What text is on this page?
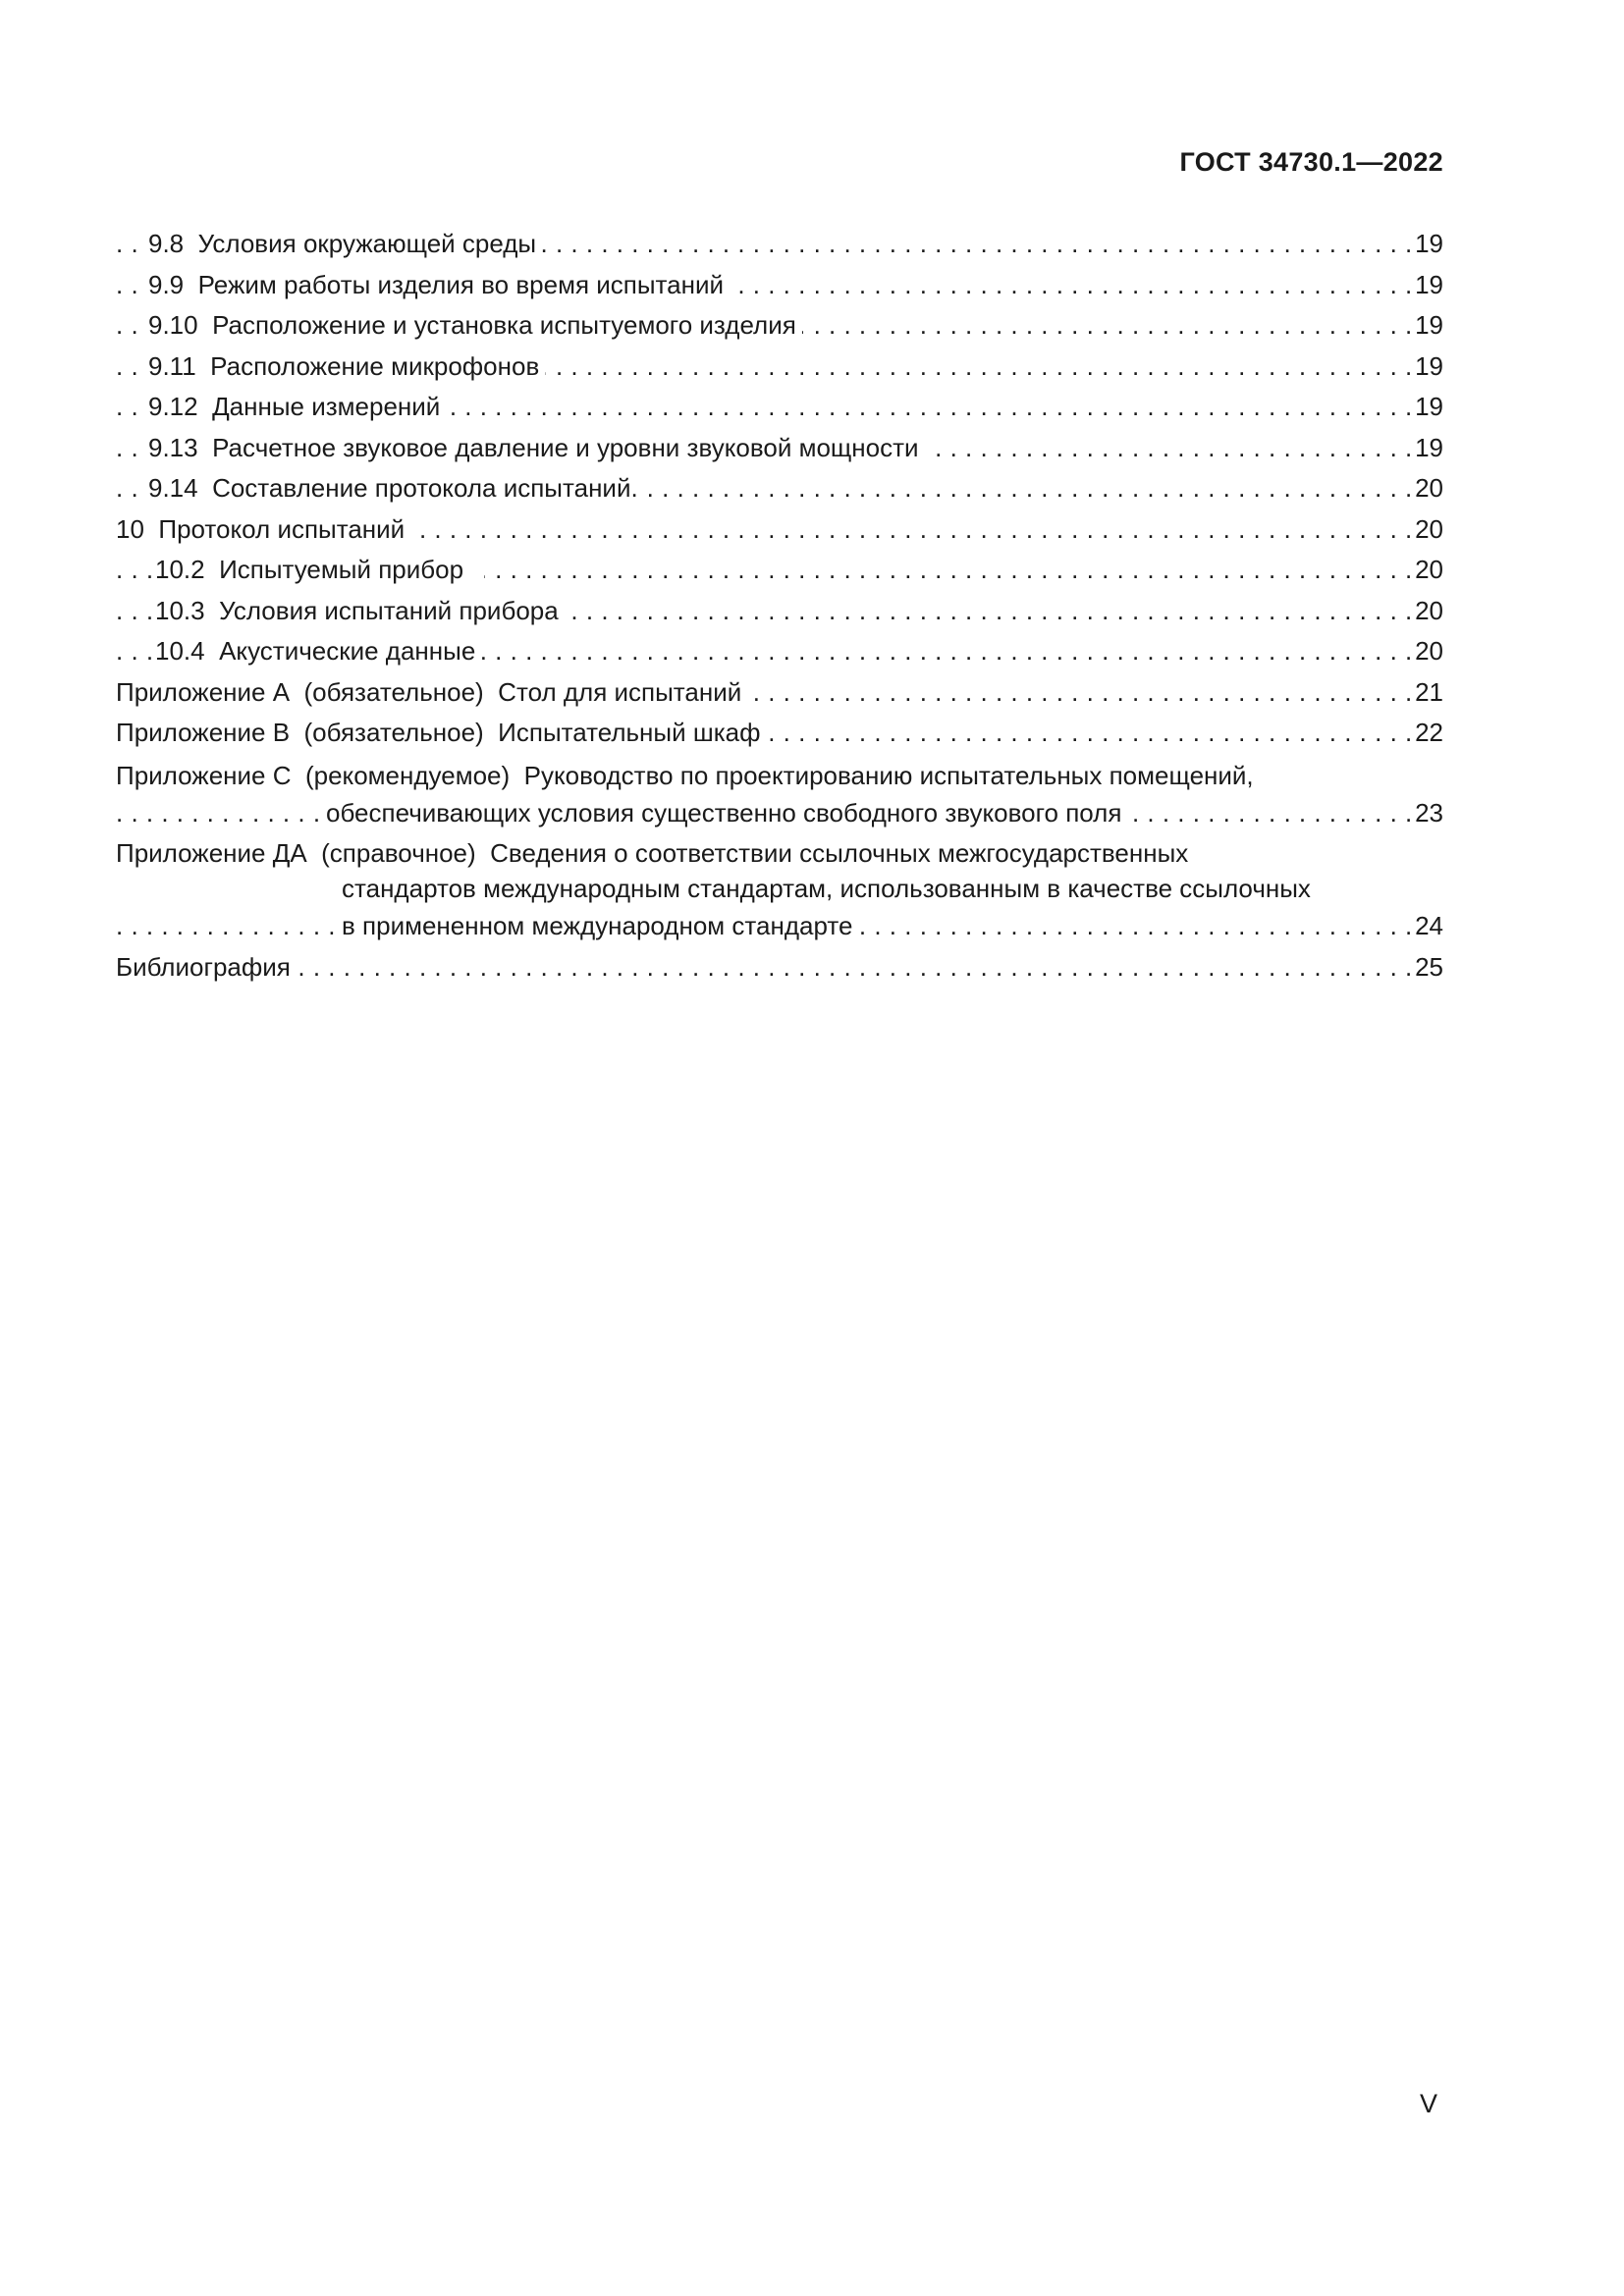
ГОСТ 34730.1—2022
. . . 9.8 Условия окружающей среды	19
. . . 9.9 Режим работы изделия во время испытаний	19
. . . 9.10 Расположение и установка испытуемого изделия	19
. . . 9.11 Расположение микрофонов	19
. . . 9.12 Данные измерений	19
. . . 9.13 Расчетное звуковое давление и уровни звуковой мощности	19
. . . 9.14 Составление протокола испытаний.	20
. . . 10 Протокол испытаний	20
. . . 10.2 Испытуемый прибор	20
. . . 10.3 Условия испытаний прибора	20
. . . 10.4 Акустические данные	20
. . . Приложение А (обязательное) Стол для испытаний	21
. . . Приложение В (обязательное) Испытательный шкаф	22
Приложение С (рекомендуемое) Руководство по проектированию испытательных помещений,
. . . обеспечивающих условия существенно свободного звукового поля	23
Приложение ДА (справочное) Сведения о соответствии ссылочных межгосударственных
стандартов международным стандартам, использованным в качестве ссылочных
. . . в примененном международном стандарте	24
. . . Библиография	25
V
